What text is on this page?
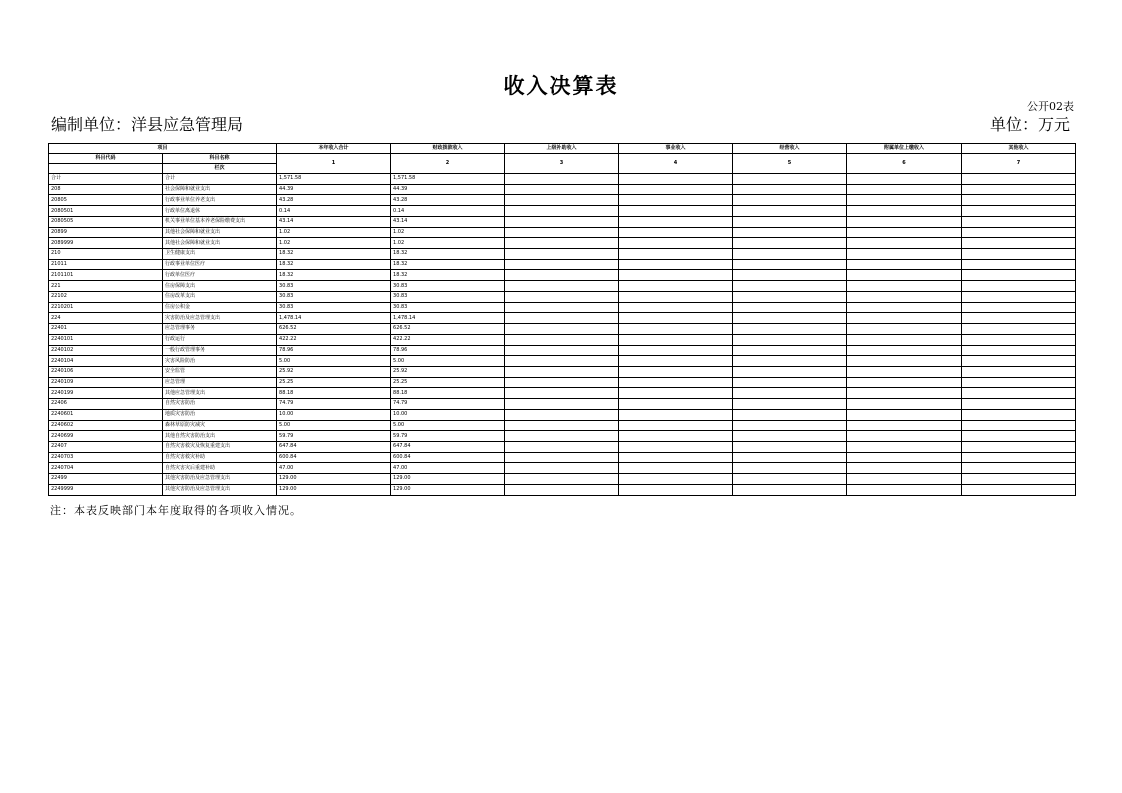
收入决算表
公开02表
编制单位：洋县应急管理局	单位：万元
项目		本年收入合计	财政拨款收入	上级补助收入	事业收入	经营收入	附属单位上缴收入	其他收入
科目代码	科目名称	1	2	3	4	5	6	7
	栏次							
合计	合计	1,571.58	1,571.58					
208	社会保障和就业支出	44.39	44.39					
20805	行政事业单位养老支出	43.28	43.28					
2080501	行政单位离退休	0.14	0.14					
2080505	机关事业单位基本养老保险缴费支出	43.14	43.14					
20899	其他社会保障和就业支出	1.02	1.02					
2089999	其他社会保障和就业支出	1.02	1.02					
210	卫生健康支出	18.32	18.32					
21011	行政事业单位医疗	18.32	18.32					
2101101	行政单位医疗	18.32	18.32					
221	住房保障支出	30.83	30.83					
22102	住房改革支出	30.83	30.83					
2210201	住房公积金	30.83	30.83					
224	灾害防治及应急管理支出	1,478.14	1,478.14					
22401	应急管理事务	626.52	626.52					
2240101	行政运行	422.22	422.22					
2240102	一般行政管理事务	78.96	78.96					
2240104	灾害风险防治	5.00	5.00					
2240106	安全监管	25.92	25.92					
2240109	应急管理	25.25	25.25					
2240199	其他应急管理支出	88.18	88.18					
22406	自然灾害防治	74.79	74.79					
2240601	地质灾害防治	10.00	10.00					
2240602	森林草原防灾减灾	5.00	5.00					
2240699	其他自然灾害防治支出	59.79	59.79					
22407	自然灾害救灾及恢复重建支出	647.84	647.84					
2240703	自然灾害救灾补助	600.84	600.84					
2240704	自然灾害灾后重建补助	47.00	47.00					
22499	其他灾害防治及应急管理支出	129.00	129.00					
2249999	其他灾害防治及应急管理支出	129.00	129.00					
注：本表反映部门本年度取得的各项收入情况。
